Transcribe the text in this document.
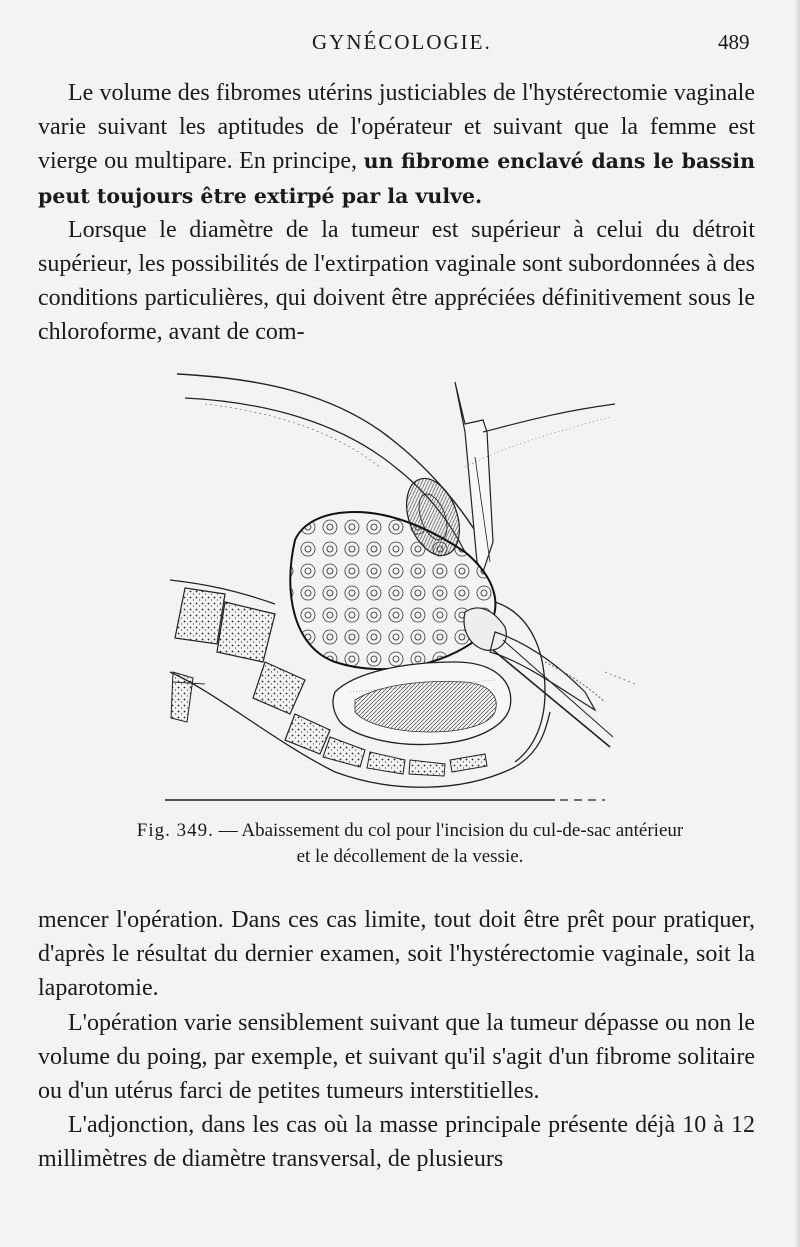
GYNÉCOLOGIE.	489

Le volume des fibromes utérins justiciables de l'hystérectomie vaginale varie suivant les aptitudes de l'opérateur et suivant que la femme est vierge ou multipare. En principe, un fibrome enclavé dans le bassin peut toujours être extirpé par la vulve.

Lorsque le diamètre de la tumeur est supérieur à celui du détroit supérieur, les possibilités de l'extirpation vaginale sont subordonnées à des conditions particulières, qui doivent être appréciées définitivement sous le chloroforme, avant de com-

Fig. 349. — Abaissement du col pour l'incision du cul-de-sac antérieur
et le décollement de la vessie.

mencer l'opération. Dans ces cas limite, tout doit être prêt pour pratiquer, d'après le résultat du dernier examen, soit l'hystérectomie vaginale, soit la laparotomie.

L'opération varie sensiblement suivant que la tumeur dépasse ou non le volume du poing, par exemple, et suivant qu'il s'agit d'un fibrome solitaire ou d'un utérus farci de petites tumeurs interstitielles.

L'adjonction, dans les cas où la masse principale présente déjà 10 à 12 millimètres de diamètre transversal, de plusieurs
